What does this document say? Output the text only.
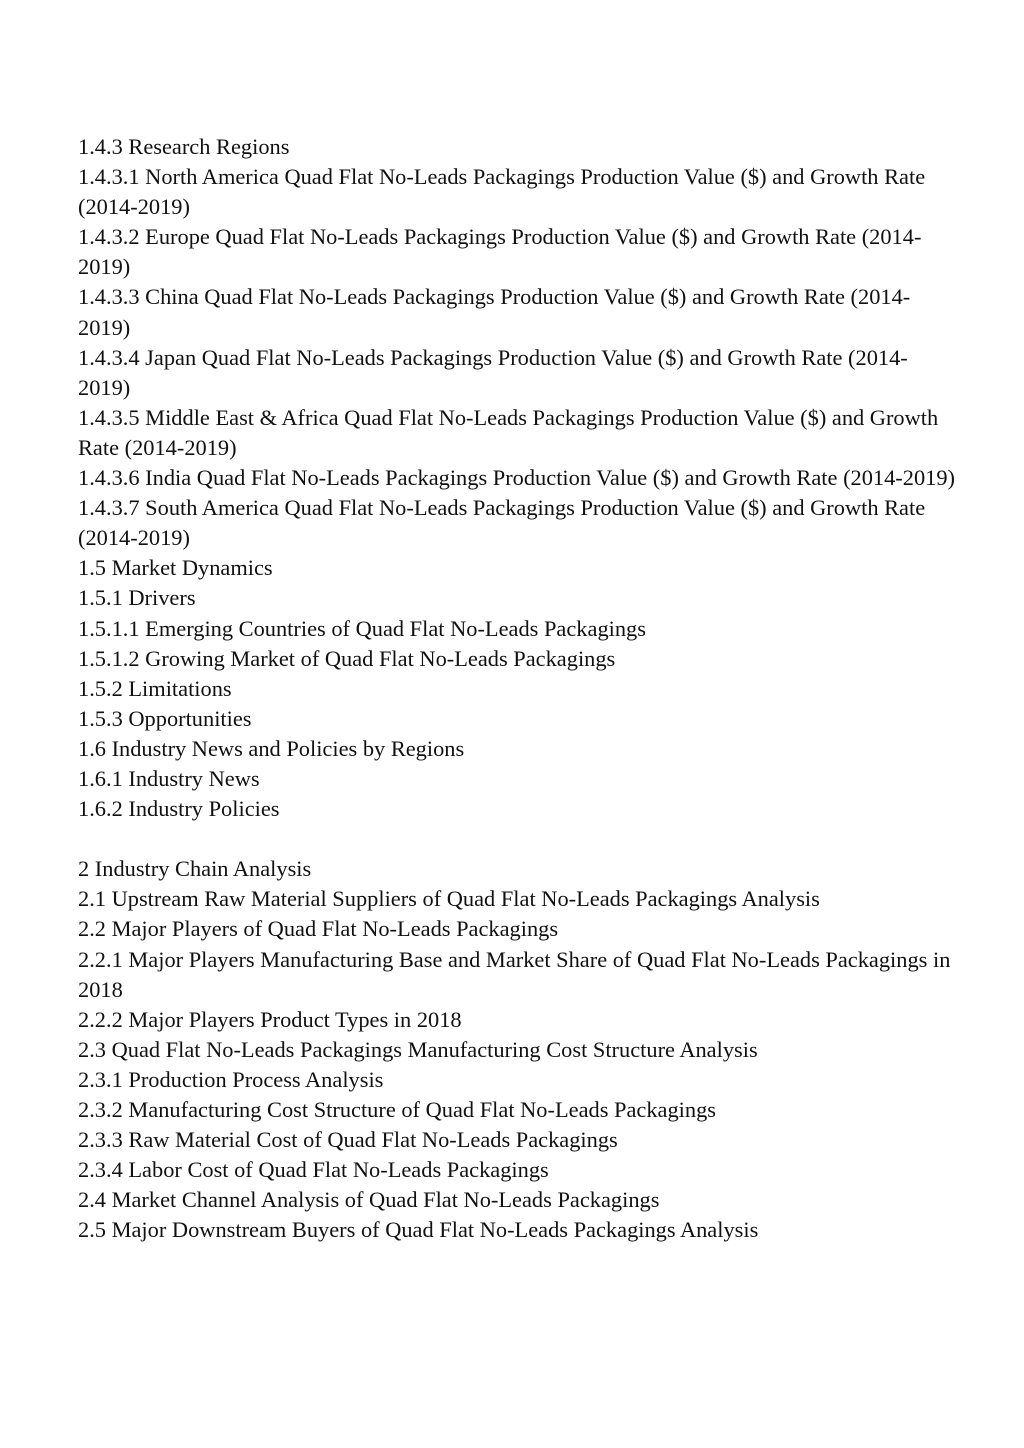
1.4.3 Research Regions

1.4.3.1 North America Quad Flat No-Leads Packagings Production Value ($) and Growth Rate (2014-2019)

1.4.3.2 Europe Quad Flat No-Leads Packagings Production Value ($) and Growth Rate (2014-2019)

1.4.3.3 China Quad Flat No-Leads Packagings Production Value ($) and Growth Rate (2014-2019)

1.4.3.4 Japan Quad Flat No-Leads Packagings Production Value ($) and Growth Rate (2014-2019)

1.4.3.5 Middle East & Africa Quad Flat No-Leads Packagings Production Value ($) and Growth Rate (2014-2019)

1.4.3.6 India Quad Flat No-Leads Packagings Production Value ($) and Growth Rate (2014-2019)

1.4.3.7 South America Quad Flat No-Leads Packagings Production Value ($) and Growth Rate (2014-2019)

1.5 Market Dynamics

1.5.1 Drivers

1.5.1.1 Emerging Countries of Quad Flat No-Leads Packagings

1.5.1.2 Growing Market of Quad Flat No-Leads Packagings

1.5.2 Limitations

1.5.3 Opportunities

1.6 Industry News and Policies by Regions

1.6.1 Industry News

1.6.2 Industry Policies

2 Industry Chain Analysis

2.1 Upstream Raw Material Suppliers of Quad Flat No-Leads Packagings Analysis

2.2 Major Players of Quad Flat No-Leads Packagings

2.2.1 Major Players Manufacturing Base and Market Share of Quad Flat No-Leads Packagings in 2018

2.2.2 Major Players Product Types in 2018

2.3 Quad Flat No-Leads Packagings Manufacturing Cost Structure Analysis

2.3.1 Production Process Analysis

2.3.2 Manufacturing Cost Structure of Quad Flat No-Leads Packagings

2.3.3 Raw Material Cost of Quad Flat No-Leads Packagings

2.3.4 Labor Cost of Quad Flat No-Leads Packagings

2.4 Market Channel Analysis of Quad Flat No-Leads Packagings

2.5 Major Downstream Buyers of Quad Flat No-Leads Packagings Analysis
